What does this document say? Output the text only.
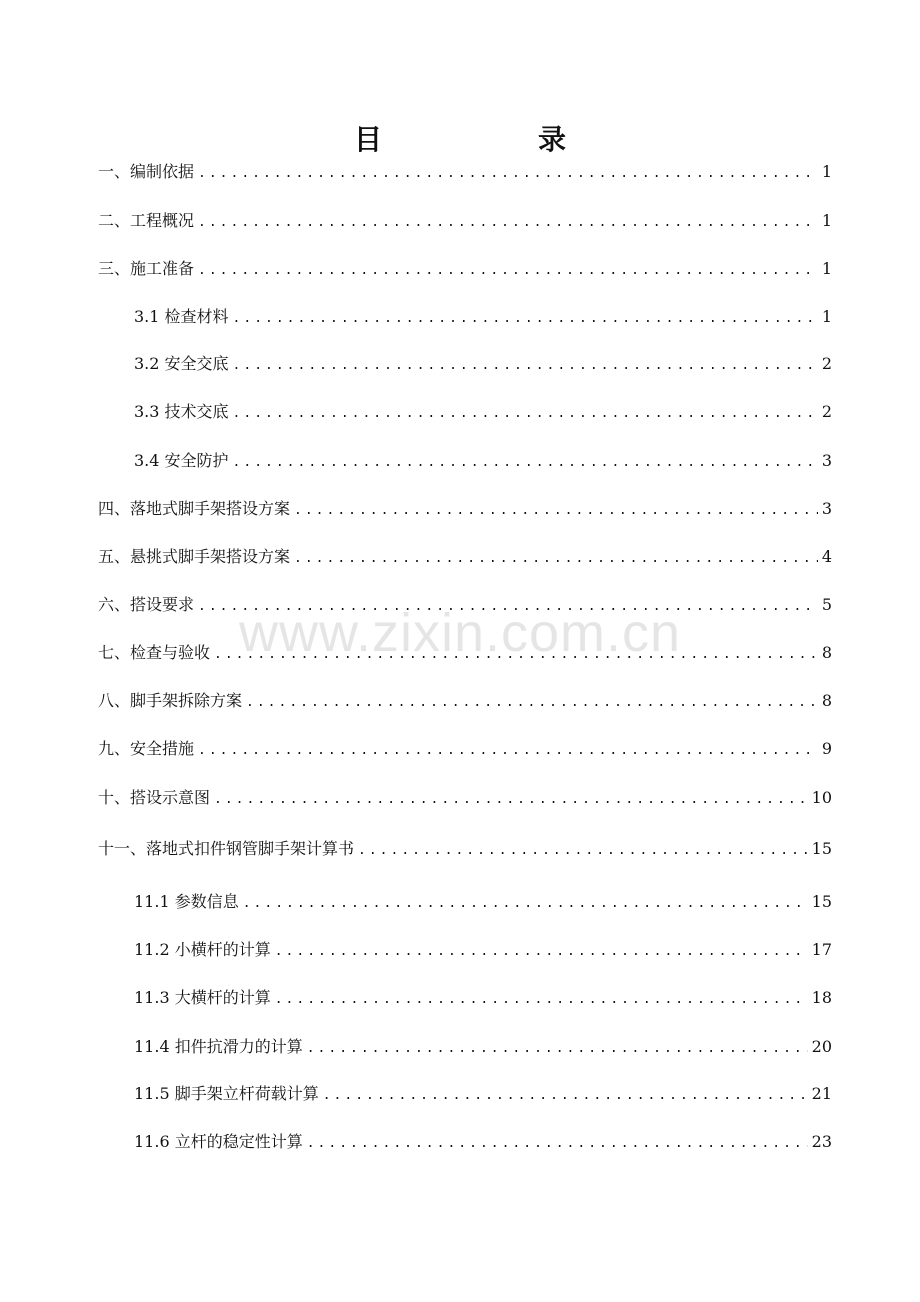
目　录
一、编制依据 .....	1
二、工程概况 .....	1
三、施工准备 .....	1
3.1 检查材料 .....	1
3.2 安全交底 .....	2
3.3 技术交底 .....	2
3.4 安全防护 .....	3
四、落地式脚手架搭设方案 .....	3
五、悬挑式脚手架搭设方案 .....	4
六、搭设要求 .....	5
七、检查与验收 .....	8
八、脚手架拆除方案 .....	8
九、安全措施 .....	9
十、搭设示意图 .....	10
十一、落地式扣件钢管脚手架计算书 .....	15
11.1 参数信息 .....	15
11.2 小横杆的计算 .....	17
11.3 大横杆的计算 .....	18
11.4 扣件抗滑力的计算 .....	20
11.5 脚手架立杆荷载计算 .....	21
11.6 立杆的稳定性计算 .....	23
www.zixin.com.cn
